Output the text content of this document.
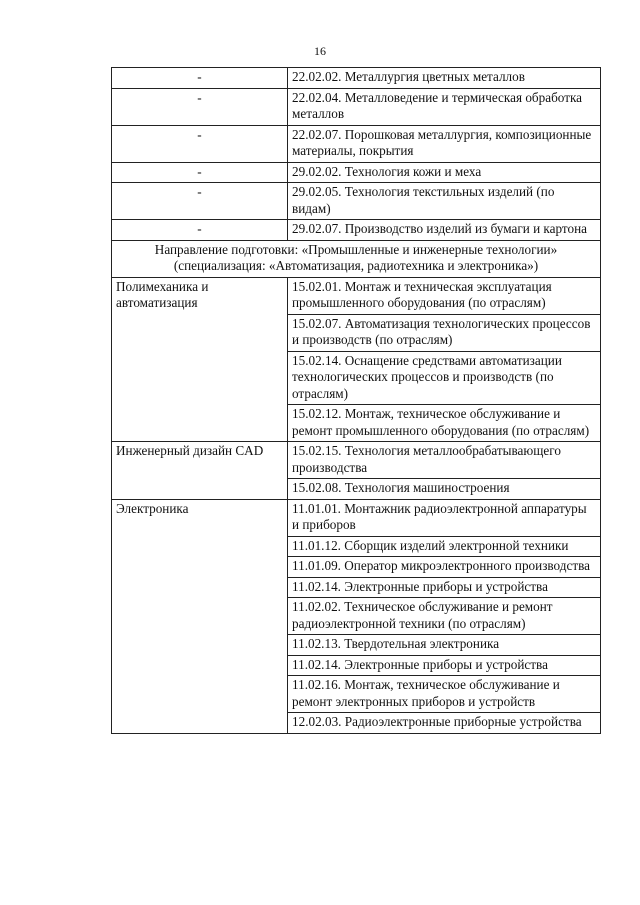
16
-	22.02.02. Металлургия цветных металлов
-	22.02.04. Металловедение и термическая обработка металлов
-	22.02.07. Порошковая металлургия, композиционные материалы, покрытия
-	29.02.02. Технология кожи и меха
-	29.02.05. Технология текстильных изделий (по видам)
-	29.02.07. Производство изделий из бумаги и картона
Направление подготовки: «Промышленные и инженерные технологии» (специализация: «Автоматизация, радиотехника и электроника»)	
Полимеханика и автоматизация	15.02.01. Монтаж и техническая эксплуатация промышленного оборудования (по отраслям)
	15.02.07. Автоматизация технологических процессов и производств (по отраслям)
	15.02.14. Оснащение средствами автоматизации технологических процессов и производств (по отраслям)
	15.02.12. Монтаж, техническое обслуживание и ремонт промышленного оборудования (по отраслям)
Инженерный дизайн CAD	15.02.15. Технология металлообрабатывающего производства
	15.02.08. Технология машиностроения
Электроника	11.01.01. Монтажник радиоэлектронной аппаратуры и приборов
	11.01.12. Сборщик изделий электронной техники
	11.01.09. Оператор микроэлектронного производства
	11.02.14. Электронные приборы и устройства
	11.02.02. Техническое обслуживание и ремонт радиоэлектронной техники (по отраслям)
	11.02.13. Твердотельная электроника
	11.02.14. Электронные приборы и устройства
	11.02.16. Монтаж, техническое обслуживание и ремонт электронных приборов и устройств
	12.02.03. Радиоэлектронные приборные устройства
